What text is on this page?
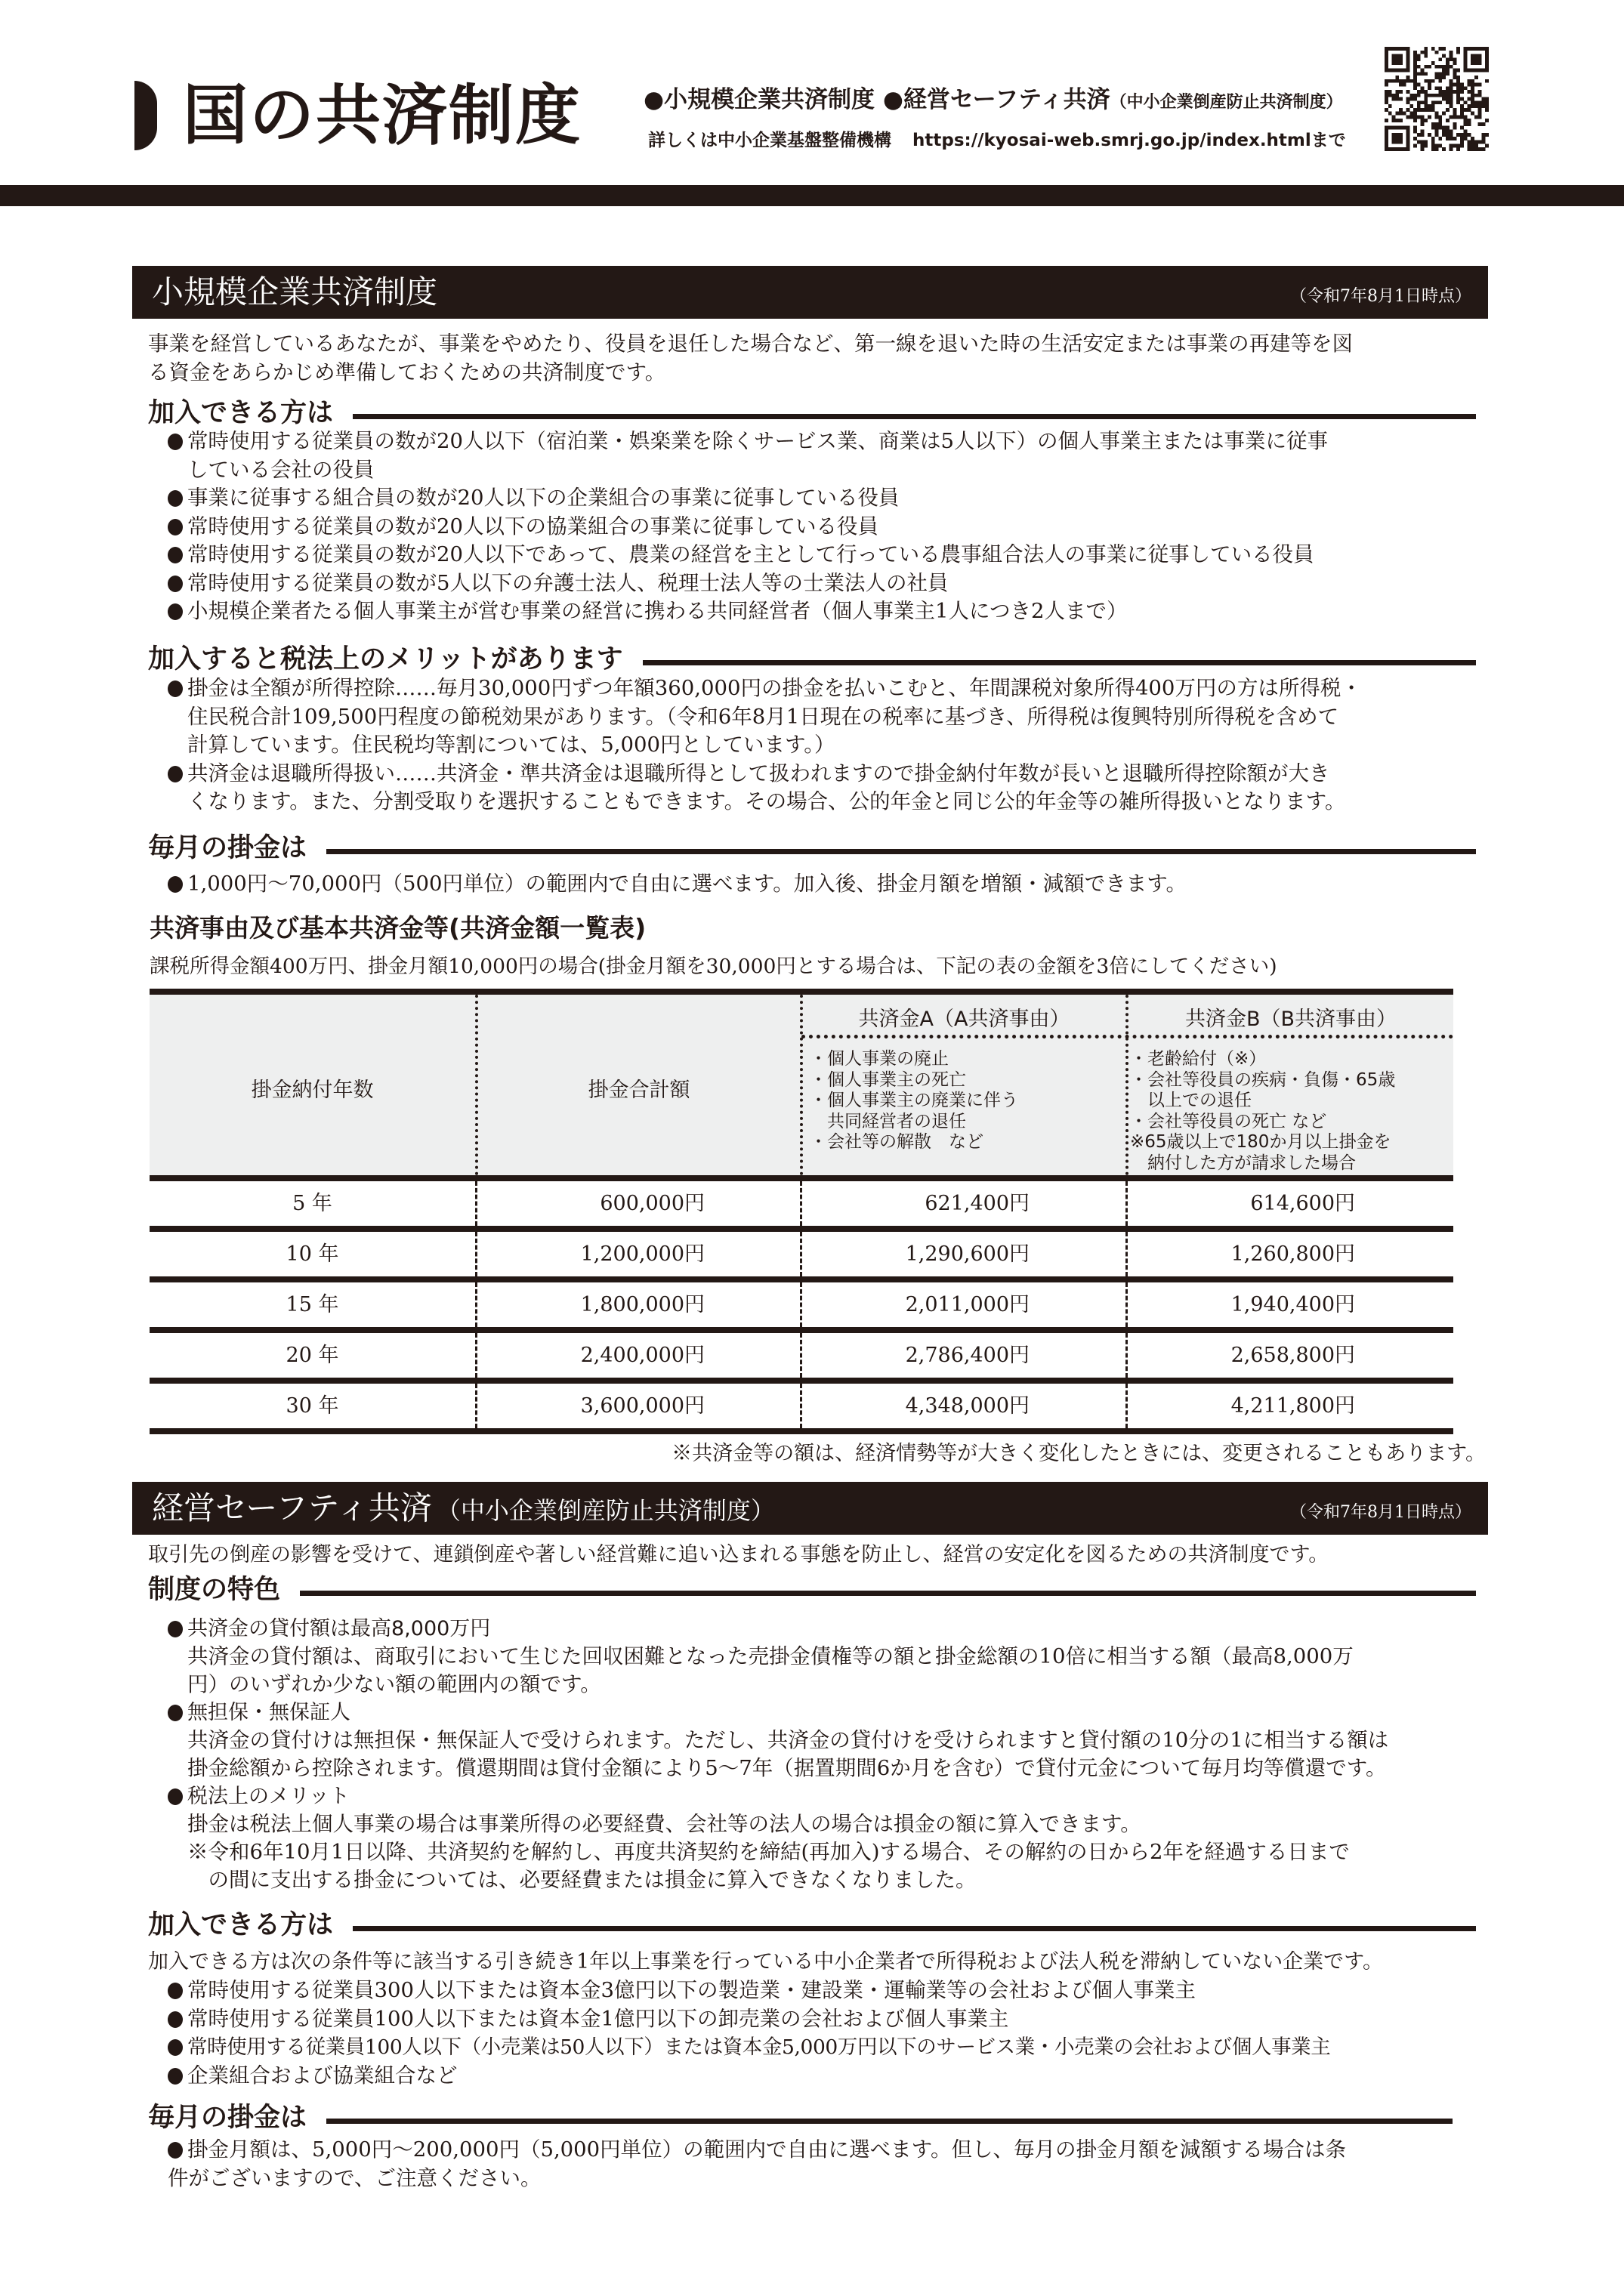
国の共済制度	●小規模企業共済制度 ●経営セーフティ共済（中小企業倒産防止共済制度）
詳しくは中小企業基盤整備機構 https://kyosai-web.smrj.go.jp/index.htmlまで
小規模企業共済制度	（令和7年8月1日時点）
事業を経営しているあなたが、事業をやめたり、役員を退任した場合など、第一線を退いた時の生活安定または事業の再建等を図
る資金をあらかじめ準備しておくための共済制度です。
加入できる方は
常時使用する従業員の数が20人以下（宿泊業・娯楽業を除くサービス業、商業は5人以下）の個人事業主または事業に従事
している会社の役員
事業に従事する組合員の数が20人以下の企業組合の事業に従事している役員
常時使用する従業員の数が20人以下の協業組合の事業に従事している役員
常時使用する従業員の数が20人以下であって、農業の経営を主として行っている農事組合法人の事業に従事している役員
常時使用する従業員の数が5人以下の弁護士法人、税理士法人等の士業法人の社員
小規模企業者たる個人事業主が営む事業の経営に携わる共同経営者（個人事業主1人につき2人まで）
加入すると税法上のメリットがあります
掛金は全額が所得控除……毎月30,000円ずつ年額360,000円の掛金を払いこむと、年間課税対象所得400万円の方は所得税・
住民税合計109,500円程度の節税効果があります。（令和6年8月1日現在の税率に基づき、所得税は復興特別所得税を含めて
計算しています。住民税均等割については、5,000円としています。）
共済金は退職所得扱い……共済金・準共済金は退職所得として扱われますので掛金納付年数が長いと退職所得控除額が大き
くなります。また、分割受取りを選択することもできます。その場合、公的年金と同じ公的年金等の雑所得扱いとなります。
毎月の掛金は
1,000円～70,000円（500円単位）の範囲内で自由に選べます。加入後、掛金月額を増額・減額できます。
共済事由及び基本共済金等(共済金額一覧表)
課税所得金額400万円、掛金月額10,000円の場合(掛金月額を30,000円とする場合は、下記の表の金額を3倍にしてください)
掛金納付年数	掛金合計額
共済金A（A共済事由）	共済金B（B共済事由）
・個人事業の廃止
・個人事業主の死亡
・個人事業主の廃業に伴う
　共同経営者の退任
・会社等の解散　など
・老齢給付（※）
・会社等役員の疾病・負傷・65歳
　以上での退任
・会社等役員の死亡 など
※65歳以上で180か月以上掛金を
　納付した方が請求した場合
5 年	600,000円	621,400円	614,600円
10 年	1,200,000円	1,290,600円	1,260,800円
15 年	1,800,000円	2,011,000円	1,940,400円
20 年	2,400,000円	2,786,400円	2,658,800円
30 年	3,600,000円	4,348,000円	4,211,800円
※共済金等の額は、経済情勢等が大きく変化したときには、変更されることもあります。
経営セーフティ共済 （中小企業倒産防止共済制度）	（令和7年8月1日時点）
取引先の倒産の影響を受けて、連鎖倒産や著しい経営難に追い込まれる事態を防止し、経営の安定化を図るための共済制度です。
制度の特色
共済金の貸付額は最高8,000万円
共済金の貸付額は、商取引において生じた回収困難となった売掛金債権等の額と掛金総額の10倍に相当する額（最高8,000万
円）のいずれか少ない額の範囲内の額です。
無担保・無保証人
共済金の貸付けは無担保・無保証人で受けられます。ただし、共済金の貸付けを受けられますと貸付額の10分の1に相当する額は
掛金総額から控除されます。償還期間は貸付金額により5～7年（据置期間6か月を含む）で貸付元金について毎月均等償還です。
税法上のメリット
掛金は税法上個人事業の場合は事業所得の必要経費、会社等の法人の場合は損金の額に算入できます。
※令和6年10月1日以降、共済契約を解約し、再度共済契約を締結(再加入)する場合、その解約の日から2年を経過する日まで
　の間に支出する掛金については、必要経費または損金に算入できなくなりました。
加入できる方は
加入できる方は次の条件等に該当する引き続き1年以上事業を行っている中小企業者で所得税および法人税を滞納していない企業です。
常時使用する従業員300人以下または資本金3億円以下の製造業・建設業・運輸業等の会社および個人事業主
常時使用する従業員100人以下または資本金1億円以下の卸売業の会社および個人事業主
常時使用する従業員100人以下（小売業は50人以下）または資本金5,000万円以下のサービス業・小売業の会社および個人事業主
企業組合および協業組合など
毎月の掛金は
掛金月額は、5,000円～200,000円（5,000円単位）の範囲内で自由に選べます。但し、毎月の掛金月額を減額する場合は条
件がございますので、ご注意ください。
